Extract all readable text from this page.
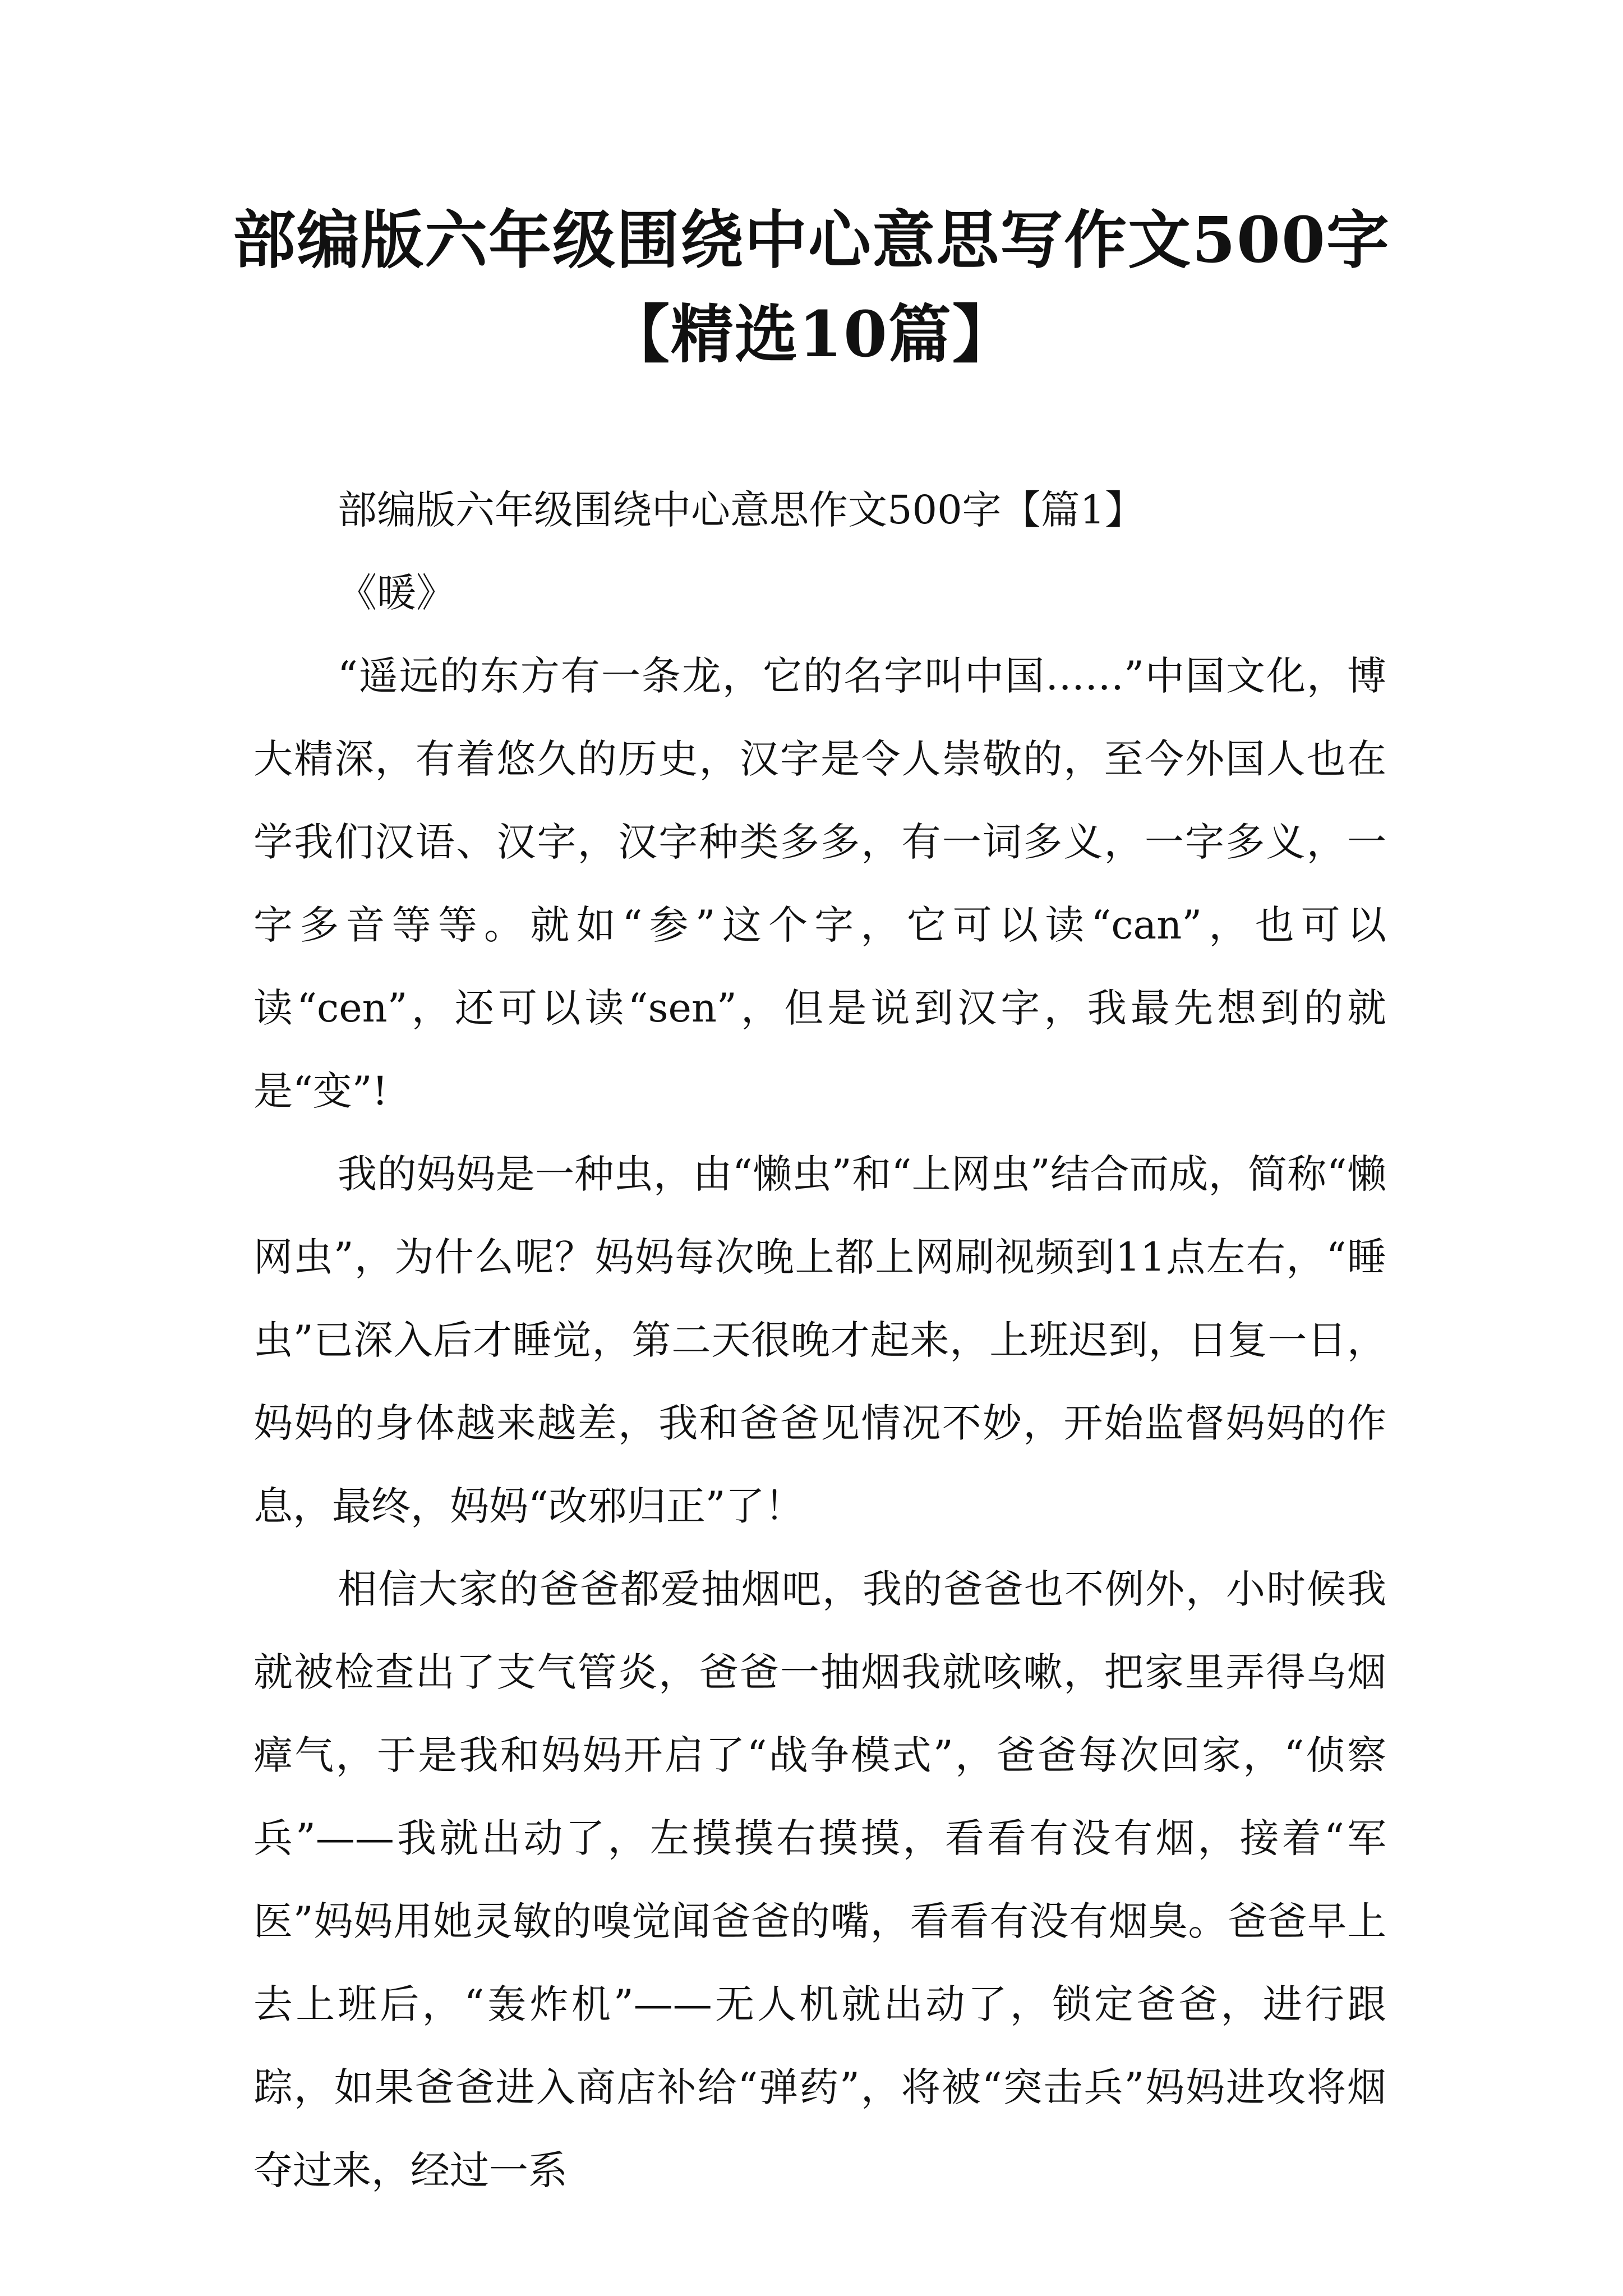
部编版六年级围绕中心意思写作文500字
【精选10篇】

部编版六年级围绕中心意思作文500字【篇1】

《暖》

“遥远的东方有一条龙，它的名字叫中国……”中国文化，博大精深，有着悠久的历史，汉字是令人崇敬的，至今外国人也在学我们汉语、汉字，汉字种类多多，有一词多义，一字多义，一字多音等等。就如“参”这个字，它可以读“can”，也可以读“cen”，还可以读“sen”，但是说到汉字，我最先想到的就是“变”!

我的妈妈是一种虫，由“懒虫”和“上网虫”结合而成，简称“懒网虫”，为什么呢？妈妈每次晚上都上网刷视频到11点左右，“睡虫”已深入后才睡觉，第二天很晚才起来，上班迟到，日复一日，妈妈的身体越来越差，我和爸爸见情况不妙，开始监督妈妈的作息，最终，妈妈“改邪归正”了！

相信大家的爸爸都爱抽烟吧，我的爸爸也不例外，小时候我就被检查出了支气管炎，爸爸一抽烟我就咳嗽，把家里弄得乌烟瘴气，于是我和妈妈开启了“战争模式”，爸爸每次回家，“侦察兵”——我就出动了，左摸摸右摸摸，看看有没有烟，接着“军医”妈妈用她灵敏的嗅觉闻爸爸的嘴，看看有没有烟臭。爸爸早上去上班后，“轰炸机”——无人机就出动了，锁定爸爸，进行跟踪，如果爸爸进入商店补给“弹药”，将被“突击兵”妈妈进攻将烟夺过来，经过一系
